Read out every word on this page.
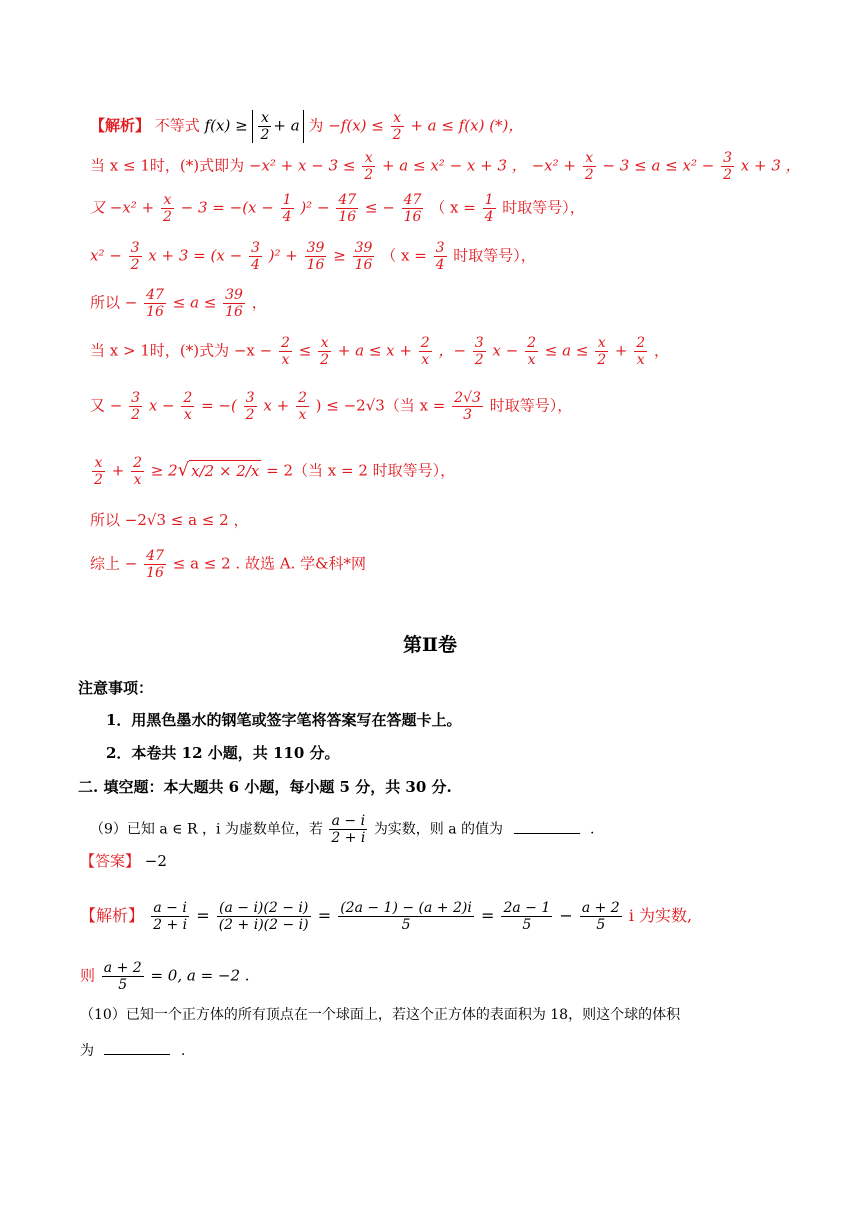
【解析】 不等式 $f(x) \ge \frac{x}{2} + a$ 为 $-f(x) \le \frac{x}{2} + a \le f(x)$ (*)，
当 x ≤ 1时，(*)式即为 $-x^2 + x - 3 \le \frac{x}{2} + a \le x^2 - x + 3$ ， $-x^2 + \frac{x}{2} - 3 \le a \le x^2 - \frac{3}{2}$ x + 3 ，
又 $-x^2 + \frac{x}{2} - 3 = -(x - \frac{1}{4} )^2 - \frac{47}{16}$ ≤ − $\frac{47}{16}$ （ $x = \frac{1}{4}$ 时取等号），
$x^2 - \frac{3}{2}$ $x + 3 = (x - \frac{3}{4} )^2 + \frac{39}{16} \ge \frac{39}{16}$ （ $x = \frac{3}{4}$ 时取等号），
所以 − $\frac{47}{16} \le a \le \frac{39}{16}$ ，
当 x > 1时，(*)式为 $-x - \frac{2}{x} \le \frac{x}{2} + a \le x + \frac{2}{x}$ ，− $\frac{3}{2}$ $x - \frac{2}{x} \le a \le \frac{x}{2} + \frac{2}{x}$ ，
又 − $\frac{3}{2}$ $x - \frac{2}{x}$ = −( $\frac{3}{2}$ $x + \frac{2}{x}$ ) ≤ −2√3（当 $x = \frac{2√3}{3}$ 时取等号），
$\frac{x}{2} + \frac{2}{x} \ge 2√$ x/2 × 2/x = 2（当 x = 2 时取等号），
所以 −2√3 ≤ a ≤ 2 ，
综上 − $\frac{47}{16} \le a \le 2$ . 故选 A. 学&科*网
第Ⅱ卷
注意事项：
1．用黑色墨水的钢笔或签字笔将答案写在答题卡上。
2．本卷共 12 小题，共 110 分。
二. 填空题：本大题共 6 小题，每小题 5 分，共 30 分.
（9）已知 a ∈ R ，i 为虚数单位，若 $\frac{a - i}{2 + i}$ 为实数，则 a 的值为	.
【答案】 −2
【解析】 $\frac{a - i}{2 + i} = \frac{(a - i)(2 - i)}{(2 + i)(2 - i)} = \frac{(2a - 1) - (a + 2)i}{5} = \frac{2a - 1}{5} - \frac{a + 2}{5}$ i 为实数,
则 $\frac{a + 2}{5} = 0$, a = −2 .
（10）已知一个正方体的所有顶点在一个球面上，若这个正方体的表面积为 18，则这个球的体积
为	.
